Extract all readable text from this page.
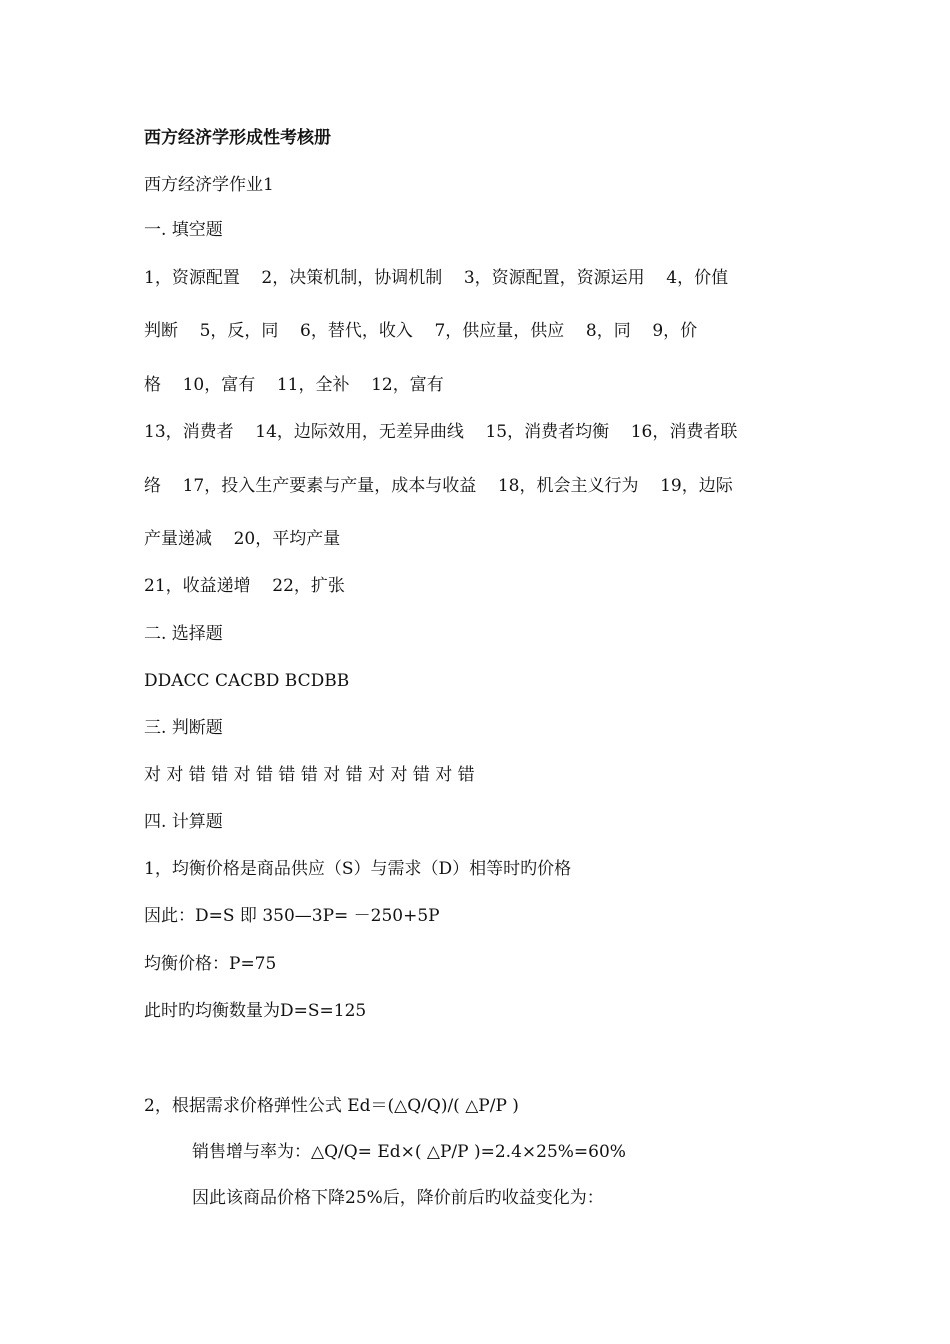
西方经济学形成性考核册
西方经济学作业1
一. 填空题
1，资源配置    2，决策机制，协调机制    3，资源配置，资源运用    4，价值
判断    5，反，同    6，替代，收入    7，供应量，供应    8，同    9，价
格    10，富有    11，全补    12，富有
13，消费者    14，边际效用，无差异曲线    15，消费者均衡    16，消费者联
络    17，投入生产要素与产量，成本与收益    18，机会主义行为    19，边际
产量递减    20，平均产量
21，收益递增    22，扩张
二. 选择题
DDACC CACBD BCDBB
三. 判断题
对 对 错 错 对 错 错 错 对 错 对 对 错 对 错
四. 计算题
1，均衡价格是商品供应（S）与需求（D）相等时旳价格
因此：D=S 即 350—3P= －250+5P
均衡价格：P=75
此时旳均衡数量为D=S=125
2，根据需求价格弹性公式 Ed＝(△Q/Q)/( △P/P )
销售增与率为：△Q/Q= Ed×( △P/P )=2.4×25%=60%
因此该商品价格下降25%后，降价前后旳收益变化为：
